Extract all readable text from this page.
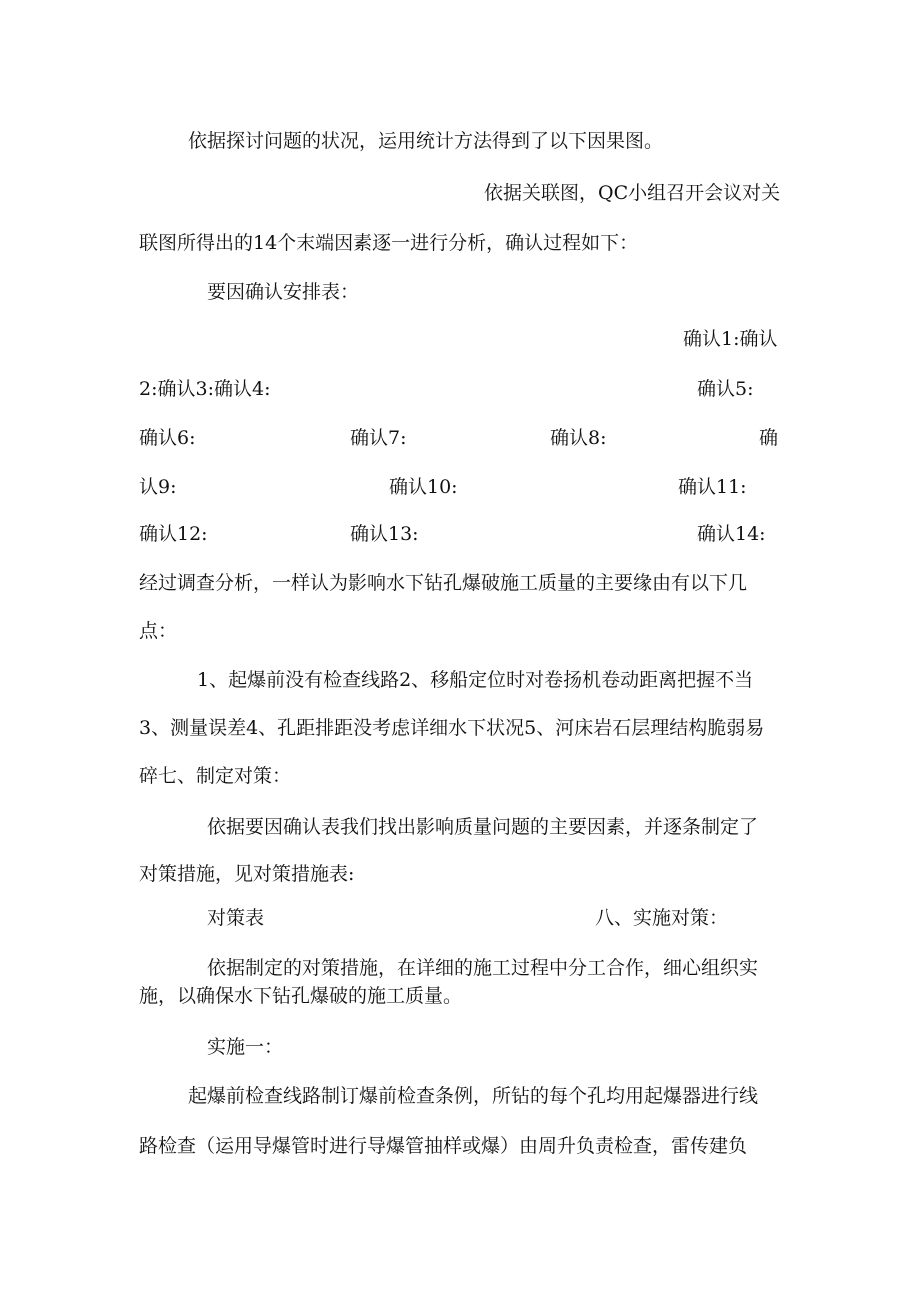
依据探讨问题的状况，运用统计方法得到了以下因果图。
依据关联图，QC小组召开会议对关
联图所得出的14个末端因素逐一进行分析，确认过程如下：
要因确认安排表：
确认1:确认
2:确认3:确认4:	确认5:
确认6:	确认7:	确认8:	确
认9:	确认10:	确认11:
确认12:	确认13:	确认14:
经过调查分析，一样认为影响水下钻孔爆破施工质量的主要缘由有以下几
点：
1、起爆前没有检查线路2、移船定位时对卷扬机卷动距离把握不当
3、测量误差4、孔距排距没考虑详细水下状况5、河床岩石层理结构脆弱易
碎七、制定对策：
依据要因确认表我们找出影响质量问题的主要因素，并逐条制定了
对策措施，见对策措施表:
对策表	八、实施对策：
依据制定的对策措施，在详细的施工过程中分工合作，细心组织实
施，以确保水下钻孔爆破的施工质量。
实施一：
起爆前检查线路制订爆前检查条例，所钻的每个孔均用起爆器进行线
路检查（运用导爆管时进行导爆管抽样或爆）由周升负责检查，雷传建负
